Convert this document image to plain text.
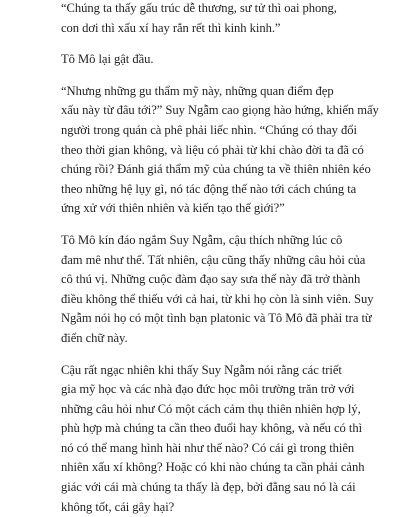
“Chúng ta thấy gấu trúc dễ thương, sư tử thì oai phong,
con dơi thì xấu xí hay rắn rết thì kinh kinh.”
Tô Mô lại gật đầu.
“Nhưng những gu thẩm mỹ này, những quan điểm đẹp
xấu này từ đâu tới?” Suy Ngẫm cao giọng hào hứng, khiến mấy
người trong quán cà phê phải liếc nhìn. “Chúng có thay đổi
theo thời gian không, và liệu có phải từ khi chào đời ta đã có
chúng rồi? Đánh giá thẩm mỹ của chúng ta về thiên nhiên kéo
theo những hệ lụy gì, nó tác động thế nào tới cách chúng ta
ứng xử với thiên nhiên và kiến tạo thế giới?”
Tô Mô kín đáo ngắm Suy Ngẫm, cậu thích những lúc cô
đam mê như thế. Tất nhiên, cậu cũng thấy những câu hỏi của
cô thú vị. Những cuộc đàm đạo say sưa thế này đã trở thành
điều không thể thiếu với cả hai, từ khi họ còn là sinh viên. Suy
Ngẫm nói họ có một tình bạn platonic và Tô Mô đã phải tra từ
điển chữ này.
Cậu rất ngạc nhiên khi thấy Suy Ngẫm nói rằng các triết
gia mỹ học và các nhà đạo đức học môi trường trăn trở với
những câu hỏi như Có một cách cảm thụ thiên nhiên hợp lý,
phù hợp mà chúng ta cần theo đuổi hay không, và nếu có thì
nó có thể mang hình hài như thế nào? Có cái gì trong thiên
nhiên xấu xí không? Hoặc có khi nào chúng ta cần phải cảnh
giác với cái mà chúng ta thấy là đẹp, bởi đằng sau nó là cái
không tốt, cái gây hại?
